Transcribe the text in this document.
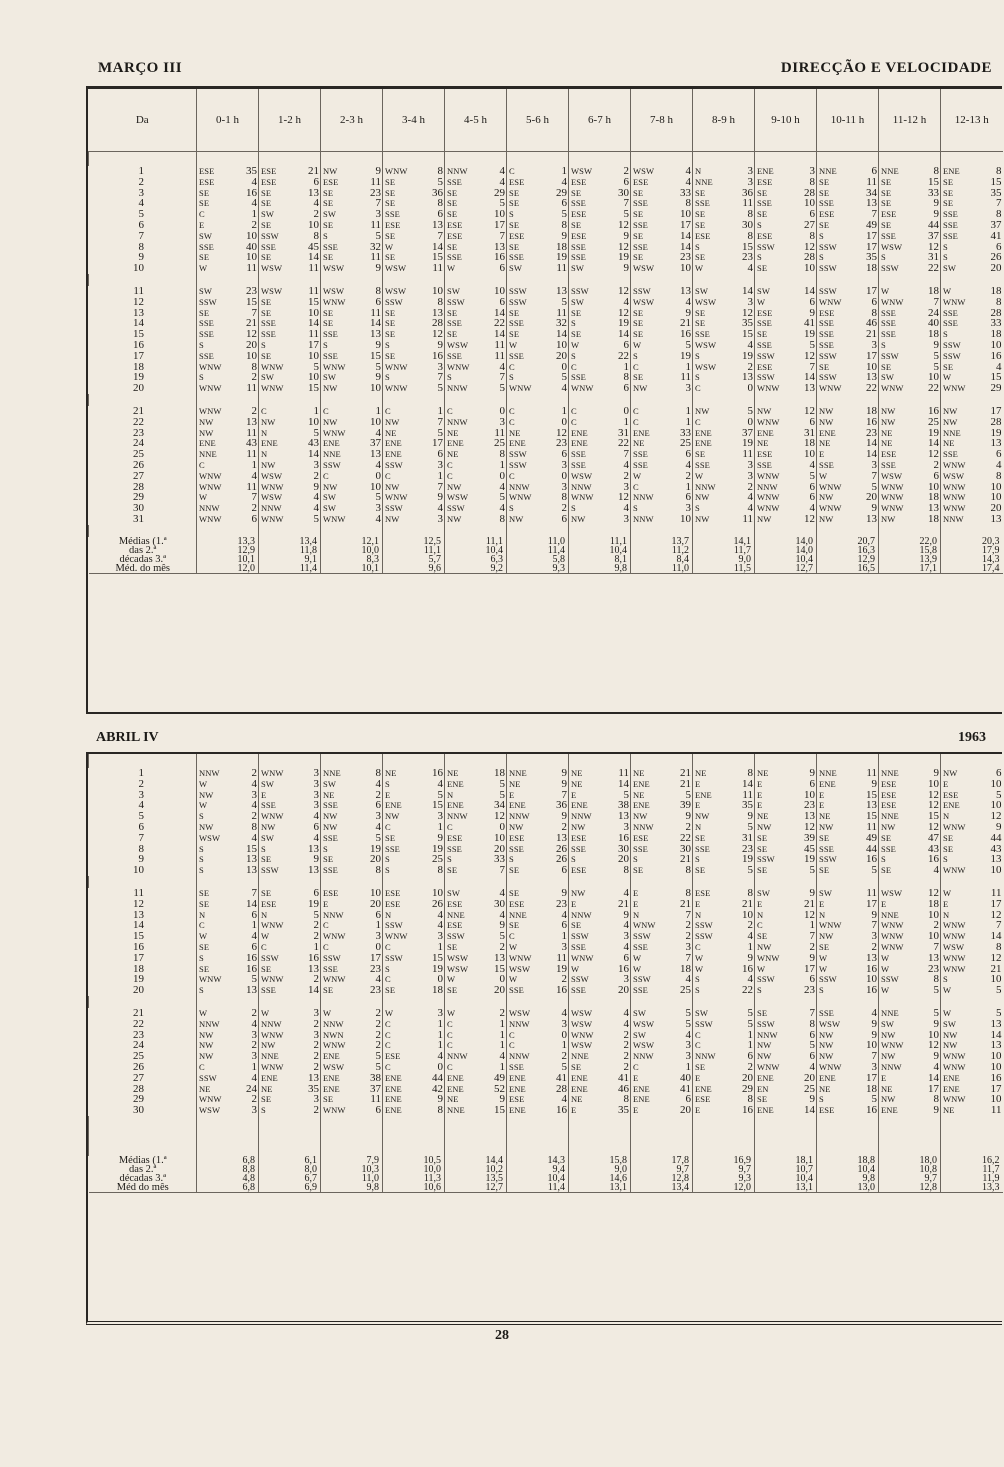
MARÇO III	DIRECÇÃO E VELOCIDADE
Da	0-1 h	1-2 h	2-3 h	3-4 h	4-5 h	5-6 h	6-7 h	7-8 h	8-9 h	9-10 h	10-11 h	11-12 h	12-13 h

1	ESE 35	ESE 21	NW 9	WNW 8	NNW 4	C 1	WSW 2	WSW 4	N 3	ENE 3	NNE 6	NNE 8	ENE 8

2	ESE 4	ESE 6	ESE 11	SE 5	SSE 4	ESE 4	ESE 6	ESE 4	NNE 3	ESE 8	SE 11	SE 15	SE 15

3	SE 16	SE 13	SE 23	SE 36	SE 29	SE 29	SE 30	SE 33	SE 36	SE 28	SE 34	SE 33	SE 35

4	SE 4	SE 4	SE 7	SE 8	SE 5	SE 6	SSE 7	SSE 8	SSE 11	SSE 10	SSE 13	SE 9	SE 7

5	C 1	SW 2	SW 3	SSE 6	SE 10	S 5	ESE 5	SE 10	SE 8	SE 6	ESE 7	ESE 9	SSE 8

6	E 2	SE 10	SE 11	ESE 13	ESE 17	SE 8	SE 12	SSE 17	SE 30	S 27	SE 49	SE 44	SSE 37

7	SW 10	SSW 8	S 5	SE 7	ESE 7	ESE 9	ESE 9	SE 14	ESE 8	ESE 8	S 17	SSE 37	SSE 41

8	SSE 40	SSE 45	SSE 32	W 14	SE 13	SE 18	SSE 12	SSE 14	S 15	SSW 12	SSW 17	WSW 12	S 6

9	SE 10	SE 14	SE 11	SE 15	SSE 16	SSE 19	SSE 19	SE 23	SE 23	S 28	S 35	S 31	S 26

10	W 11	WSW 11	WSW 9	WSW 11	W 6	SW 11	SW 9	WSW 10	W 4	SE 10	SSW 18	SSW 22	SW 20

11	SW 23	WSW 11	WSW 8	WSW 10	SW 10	SSW 13	SSW 12	SSW 13	SW 14	SW 14	SSW 17	W 18	W 18

12	SSW 15	SE 15	WNW 6	SSW 8	SSW 6	SSW 5	SW 4	WSW 4	WSW 3	W 6	WNW 6	WNW 7	WNW 8

13	SE 7	SE 10	SE 11	SE 13	SE 14	SE 11	SE 12	SE 9	SE 12	ESE 9	ESE 8	SSE 24	SSE 28

14	SSE 21	SSE 14	SE 14	SE 28	SSE 22	SSE 32	S 19	SE 21	SE 35	SSE 41	SSE 46	SSE 40	SSE 33

15	SSE 12	SSE 11	SSE 13	SE 12	SE 14	SE 14	SE 14	SE 16	SSE 15	SE 19	SSE 21	SSE 18	S 18

16	S 20	S 17	S 9	S 9	WSW 11	W 10	W 6	W 5	WSW 4	SSE 5	SSE 3	S 9	SSW 10

17	SSE 10	SE 10	SSE 15	SE 16	SSE 11	SSE 20	S 22	S 19	S 19	SSW 12	SSW 17	SSW 5	SSW 16

18	WNW 8	WNW 5	WNW 5	WNW 3	WNW 4	C 0	C 1	C 1	WSW 2	ESE 7	SE 10	SE 5	SE 4

19	S 2	SW 10	SW 9	S 7	S 7	S 5	SSE 8	SE 11	S 13	SSW 14	SSW 13	SW 10	W 15

20	WNW 11	WNW 15	NW 10	WNW 5	NNW 5	WNW 4	WNW 6	NW 3	C 0	WNW 13	WNW 22	WNW 22	WNW 29

21	WNW 2	C 1	C 1	C 1	C 0	C 1	C 0	C 1	NW 5	NW 12	NW 18	NW 16	NW 17

22	NW 13	NW 10	NW 10	NW 7	NNW 3	C 0	C 1	C 1	C 0	WNW 6	NW 16	NW 25	NW 28

23	NW 11	N 5	WNW 4	NE 5	NE 11	NE 12	ENE 31	ENE 33	ENE 37	ENE 31	ENE 23	NE 19	NNE 19

24	ENE 43	ENE 43	ENE 37	ENE 17	ENE 25	ENE 23	ENE 22	NE 25	ENE 19	NE 18	NE 14	NE 14	NE 13

25	NNE 11	N 14	NNE 13	ENE 6	NE 8	SSW 6	SSE 7	SSE 6	SE 11	ESE 10	E 14	ESE 12	SSE 6

26	C 1	NW 3	SSW 4	SSW 3	C 1	SSW 3	SSE 4	SSE 4	SSE 3	SSE 4	SSE 3	SSE 2	WNW 4

27	WNW 4	WSW 2	C 0	C 1	C 0	C 0	WSW 2	W 2	W 3	WNW 5	W 7	WSW 6	WSW 8

28	WNW 11	WNW 9	NW 10	NW 7	NW 4	NNW 3	NNW 3	C 1	NNW 2	NNW 6	WNW 5	WNW 10	WNW 10

29	W 7	WSW 4	SW 5	WNW 9	WSW 5	WNW 8	WNW 12	NNW 6	NW 4	WNW 6	NW 20	WNW 18	WNW 10

30	NNW 2	NNW 4	SW 3	SSW 4	SSW 4	S 2	S 4	S 3	S 4	WNW 4	WNW 9	WNW 13	WNW 20

31	WNW 6	WNW 5	WNW 4	NW 3	NW 8	NW 6	NW 3	NNW 10	NW 11	NW 12	NW 13	NW 18	NNW 13

Médias (1.ª	13,3	13,4	12,1	12,5	11,1	11,0	11,1	13,7	14,1	14,0	20,7	22,0	20,3
das 2.ª	12,9	11,8	10,0	11,1	10,4	11,4	10,4	11,2	11,7	14,0	16,3	15,8	17,9
décadas 3.ª	10,1	9,1	8,3	5,7	6,3	5,8	8,1	8,4	9,0	10,4	12,9	13,9	14,3
Méd. do mês	12,0	11,4	10,1	9,6	9,2	9,3	9,8	11,0	11,5	12,7	16,5	17,1	17,4
ABRIL IV	1963

1	NNW 2	WNW 3	NNE 8	NE 16	NE 18	NNE 9	NE 11	NE 21	NE 8	NE 9	NNE 11	NNE 9	NW 6

2	W 4	SW 3	SW 4	S 4	ENE 5	NE 9	NE 14	ENE 21	E 14	E 6	ENE 9	ESE 10	E 10

3	NW 3	E 3	NE 2	E 5	N 5	E 7	E 5	NE 5	ENE 11	E 10	E 15	ESE 12	ESE 5

4	W 4	SSE 3	SSE 6	ENE 15	ENE 34	ENE 36	ENE 38	ENE 39	E 35	E 23	E 13	ESE 12	ENE 10

5	S 2	WNW 4	NW 3	NW 3	NNW 12	NNW 9	NNW 13	NW 9	NW 9	NE 13	NE 15	NNE 15	N 12

6	NW 8	NW 6	NW 4	C 1	C 0	NW 2	NW 3	NNW 2	N 5	NW 12	NW 11	NW 12	WNW 9

7	WSW 4	SW 4	SSE 5	SE 9	ESE 10	ESE 13	ESE 16	ESE 22	SE 31	SE 39	SE 49	SE 47	SE 44

8	S 15	S 13	S 19	SSE 19	SSE 20	SSE 26	SSE 30	SSE 30	SSE 23	SE 45	SSE 44	SSE 43	SE 43

9	S 13	SE 9	SE 20	S 25	S 33	S 26	S 20	S 21	S 19	SSW 19	SSW 16	S 16	S 13

10	S 13	SSW 13	SSE 8	S 8	SE 7	SE 6	ESE 8	SE 8	SE 5	SE 5	SE 5	SE 4	WNW 10

11	SE 7	SE 6	ESE 10	ESE 10	SW 4	SE 9	NW 4	E 8	ESE 8	SW 9	SW 11	WSW 12	W 11

12	SE 14	ESE 19	E 20	ESE 26	ESE 30	ESE 23	E 21	E 21	E 21	E 21	E 17	E 18	E 17

13	N 6	N 5	NNW 6	N 4	NNE 4	NNE 4	NNW 9	N 7	N 10	N 12	N 9	NNE 10	N 12

14	C 1	WNW 2	C 1	SSW 4	ESE 9	SE 6	SE 4	WNW 2	SSW 2	C 1	WNW 7	WNW 2	WNW 7

15	W 4	W 2	WNW 3	WNW 3	SSW 5	C 1	SSW 3	SSW 2	SSW 4	SE 7	NW 3	WNW 10	WNW 14

16	SE 6	C 1	C 0	C 1	SE 2	W 3	SSE 4	SSE 3	C 1	NW 2	SE 2	WNW 7	WSW 8

17	S 16	SSW 16	SSW 17	SSW 15	WSW 13	WNW 11	WNW 6	W 7	W 9	WNW 9	W 13	W 13	WNW 12

18	SE 16	SE 13	SSE 23	S 19	WSW 15	WSW 19	W 16	W 18	W 16	W 17	W 16	W 23	WNW 21

19	WNW 5	WNW 2	WNW 4	C 0	W 0	W 2	SSW 3	SSW 4	S 4	SSW 6	SSW 10	SSW 8	S 10

20	S 13	SSE 14	SE 23	SE 18	SE 20	SSE 16	SSE 20	SSE 25	S 22	S 23	S 16	W 5	W 5

21	W 2	W 3	W 2	W 3	W 2	WSW 4	WSW 4	SW 5	SW 5	SE 7	SSE 4	NNE 5	W 5

22	NNW 4	NNW 2	NNW 2	C 1	C 1	NNW 3	WSW 4	WSW 5	SSW 5	SSW 8	WSW 9	SW 9	SW 13

23	NW 3	WNW 3	NWN 2	C 1	C 1	C 0	WNW 2	SW 4	C 1	NNW 6	NW 9	NW 10	NW 14

24	NW 2	NW 2	WNW 2	C 1	C 1	C 1	WSW 2	WSW 3	C 1	NW 5	NW 10	WNW 12	NW 13

25	NW 3	NNE 2	ENE 5	ESE 4	NNW 4	NNW 2	NNE 2	NNW 3	NNW 6	NW 6	NW 7	NW 9	WNW 10

26	C 1	WNW 2	WSW 5	C 0	C 1	SSE 5	SE 2	C 1	SE 2	WNW 4	WNW 3	NNW 4	WNW 10

27	SSW 4	ENE 13	ENE 38	ENE 44	ENE 49	ENE 41	ENE 41	E 40	E 20	ENE 20	ENE 17	E 14	ENE 16

28	NE 24	NE 35	ENE 37	ENE 42	ENE 52	ENE 28	ENE 46	ENE 41	ENE 29	EN 25	NE 18	NE 17	ENE 17

29	WNW 2	SE 3	SE 11	ENE 9	NE 9	ESE 4	NE 8	ENE 6	ESE 8	SE 9	S 5	NW 8	WNW 10

30	WSW 3	S 2	WNW 6	ENE 8	NNE 15	ENE 16	E 35	E 20	E 16	ENE 14	ESE 16	ENE 9	NE 11

Médias (1.ª	6,8	6,1	7,9	10,5	14,4	14,3	15,8	17,8	16,9	18,1	18,8	18,0	16,2
das 2.ª	8,8	8,0	10,3	10,0	10,2	9,4	9,0	9,7	9,7	10,7	10,4	10,8	11,7
décadas 3.ª	4,8	6,7	11,0	11,3	13,5	10,4	14,6	12,8	9,3	10,4	9,8	9,7	11,9
Méd do mês	6,8	6,9	9,8	10,6	12,7	11,4	13,1	13,4	12,0	13,1	13,0	12,8	13,3
28
